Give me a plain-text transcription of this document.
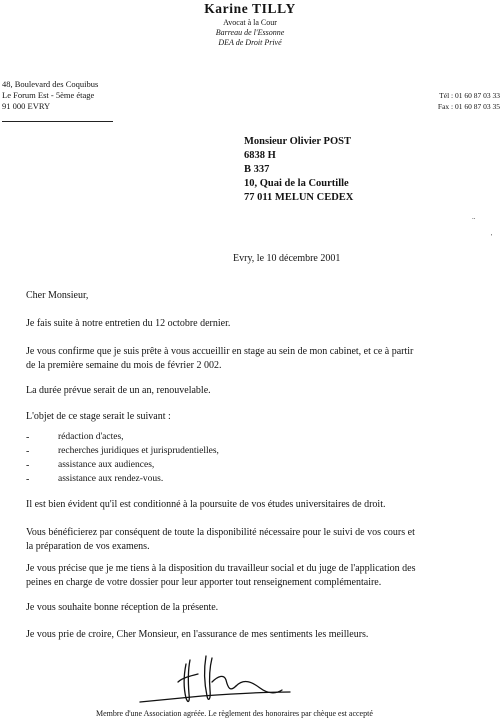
Karine TILLY
Avocat à la Cour
Barreau de l'Essonne
DEA de Droit Privé
48, Boulevard des Coquibus
Le Forum Est - 5ème étage
91 000 EVRY
Tél : 01 60 87 03 33
Fax : 01 60 87 03 35
Monsieur Olivier POST
6838 H
B 337
10, Quai de la Courtille
77 011 MELUN CEDEX
..
'
Evry, le 10 décembre 2001
Cher Monsieur,
Je fais suite à notre entretien du 12 octobre dernier.
Je vous confirme que je suis prête à vous accueillir en stage au sein de mon cabinet, et ce à partir
de la première semaine du mois de février 2 002.
La durée prévue serait de un an, renouvelable.
L'objet de ce stage serait le suivant :
-	rédaction d'actes,
-	recherches juridiques et jurisprudentielles,
-	assistance aux audiences,
-	assistance aux rendez-vous.
Il est bien évident qu'il est conditionné à la poursuite de vos études universitaires de droit.
Vous bénéficierez par conséquent de toute la disponibilité nécessaire pour le suivi de vos cours et
la préparation de vos examens.
Je vous précise que je me tiens à la disposition du travailleur social et du juge de l'application des
peines en charge de votre dossier pour leur apporter tout renseignement complémentaire.
Je vous souhaite bonne réception de la présente.
Je vous prie de croire, Cher Monsieur, en l'assurance de mes sentiments les meilleurs.
Membre d'une Association agréée. Le règlement des honoraires par chèque est accepté
